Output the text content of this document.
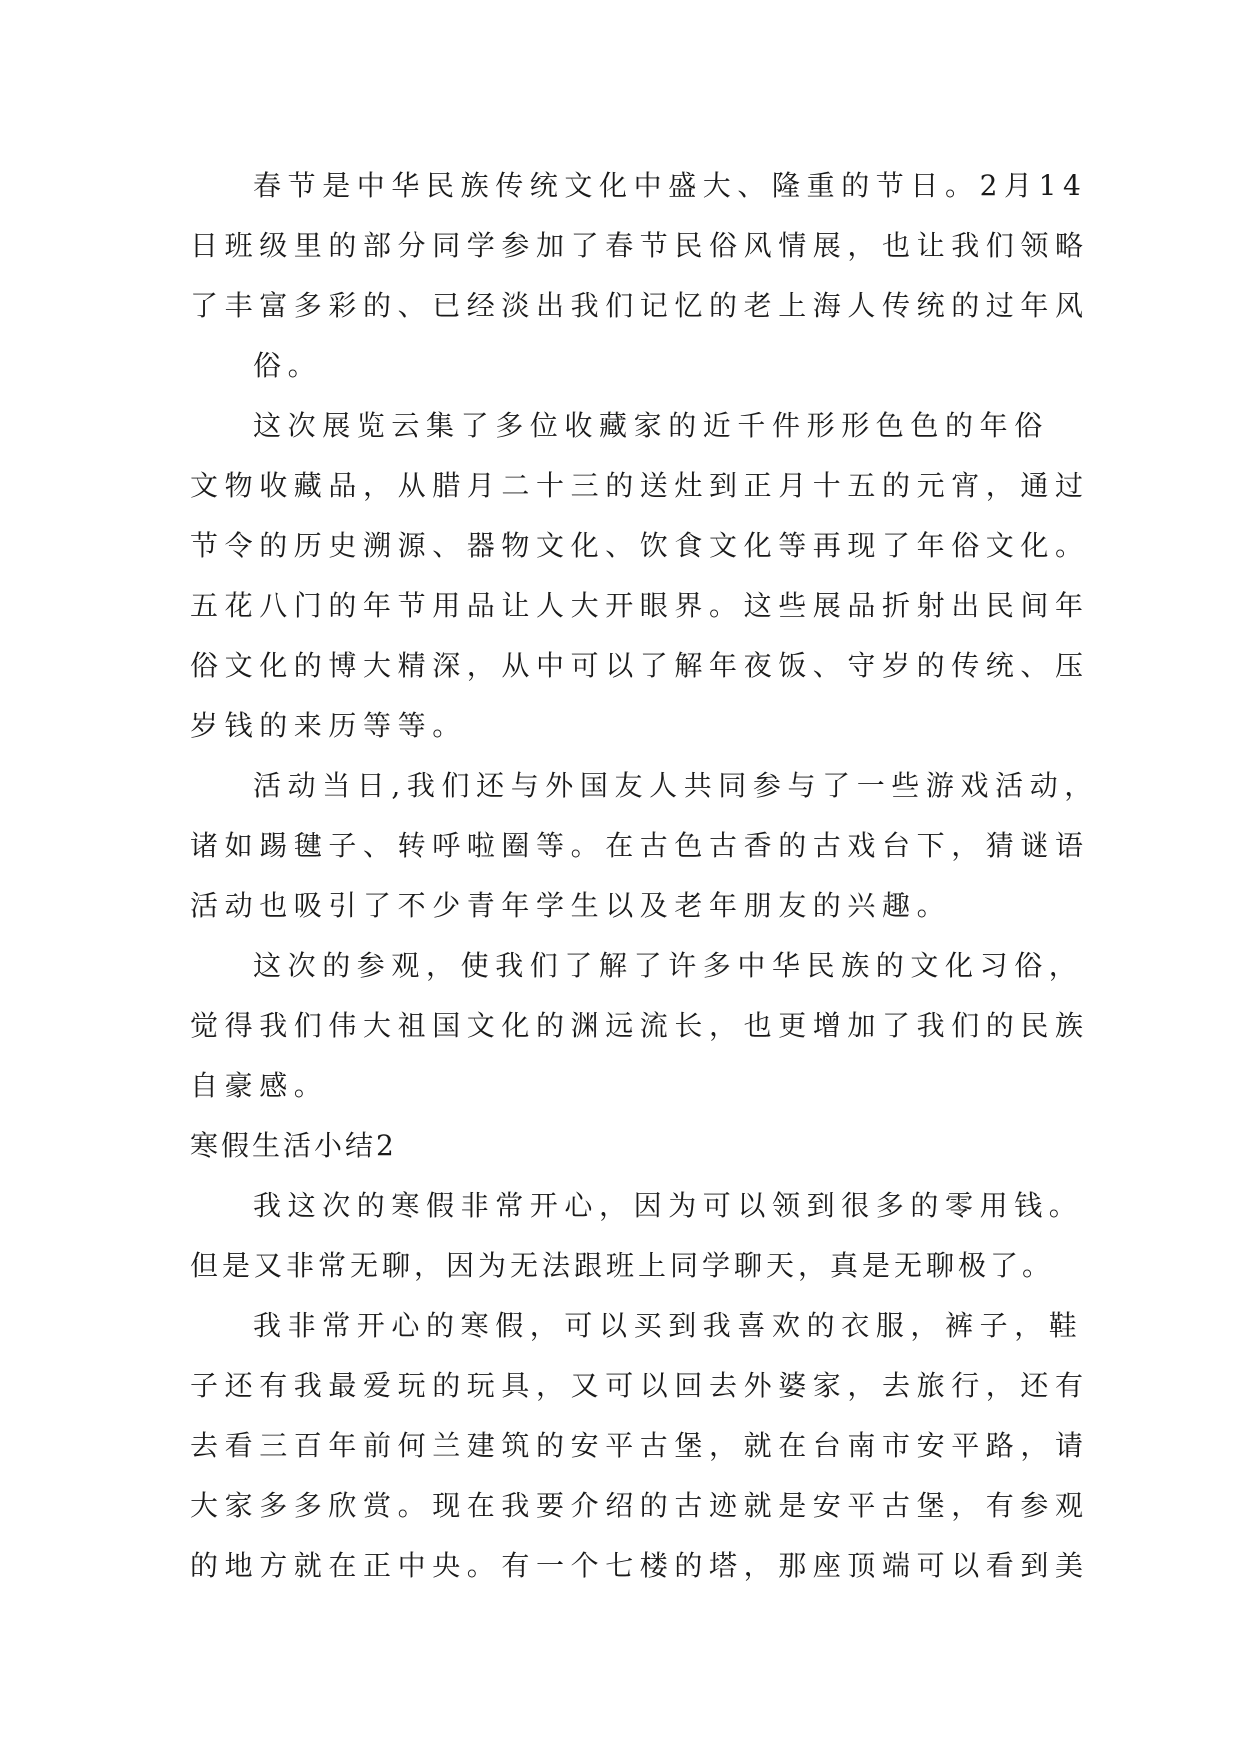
春节是中华民族传统文化中盛大、隆重的节日。2月14

日班级里的部分同学参加了春节民俗风情展，也让我们领略

了丰富多彩的、已经淡出我们记忆的老上海人传统的过年风

俗。

这次展览云集了多位收藏家的近千件形形色色的年俗

文物收藏品，从腊月二十三的送灶到正月十五的元宵，通过

节令的历史溯源、器物文化、饮食文化等再现了年俗文化。

五花八门的年节用品让人大开眼界。这些展品折射出民间年

俗文化的博大精深，从中可以了解年夜饭、守岁的传统、压

岁钱的来历等等。

活动当日,我们还与外国友人共同参与了一些游戏活动，

诸如踢毽子、转呼啦圈等。在古色古香的古戏台下，猜谜语

活动也吸引了不少青年学生以及老年朋友的兴趣。

这次的参观，使我们了解了许多中华民族的文化习俗，

觉得我们伟大祖国文化的渊远流长，也更增加了我们的民族

自豪感。

寒假生活小结2

我这次的寒假非常开心，因为可以领到很多的零用钱。

但是又非常无聊，因为无法跟班上同学聊天，真是无聊极了。

我非常开心的寒假，可以买到我喜欢的衣服，裤子，鞋

子还有我最爱玩的玩具，又可以回去外婆家，去旅行，还有

去看三百年前何兰建筑的安平古堡，就在台南市安平路，请

大家多多欣赏。现在我要介绍的古迹就是安平古堡，有参观

的地方就在正中央。有一个七楼的塔，那座顶端可以看到美
